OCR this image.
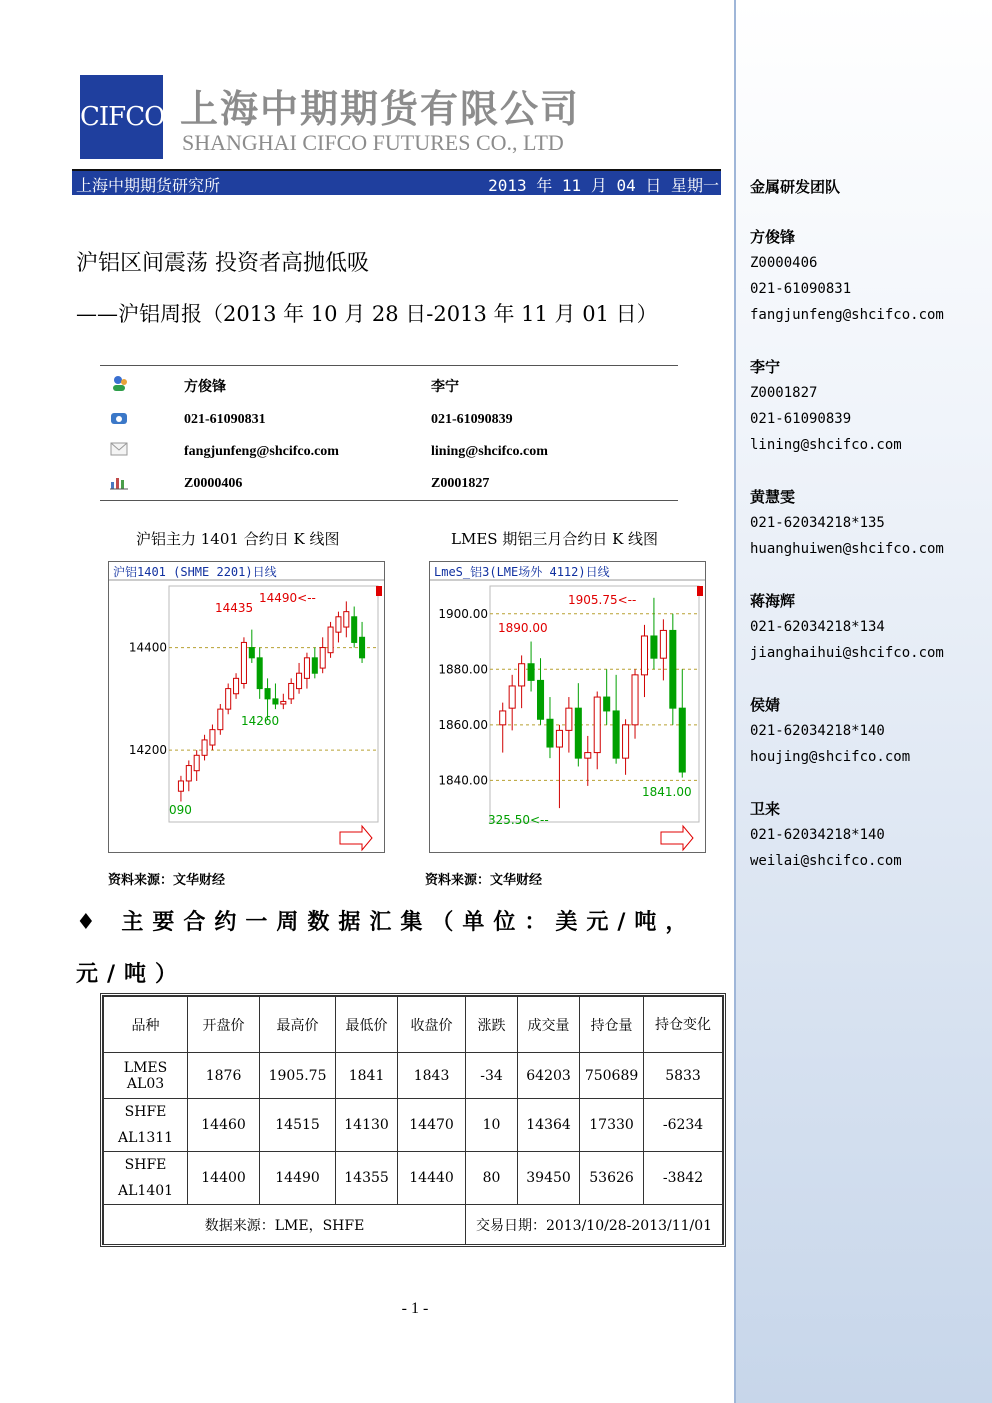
CIFCO 上海中期期货有限公司
SHANGHAI CIFCO FUTURES CO., LTD
上海中期期货研究所	2013 年 11 月 04 日 星期一
沪铝区间震荡 投资者高抛低吸
——沪铝周报（2013 年 10 月 28 日-2013 年 11 月 01 日）
方俊锋	李宁
021-61090831	021-61090839
fangjunfeng@shcifco.com	lining@shcifco.com
Z0000406	Z0001827
沪铝主力 1401 合约日 K 线图	LMES 期铝三月合约日 K 线图
沪铝1401 (SHME 2201)日线
14400
14200
14435
14490<--
14260
090
LmeS_铝3(LME场外 4112)日线
1900.00
1880.00
1860.00
1840.00
1905.75<--
1890.00
1841.00
325.50<--
资料来源：文华财经	资料来源：文华财经
♦ 主要合约一周数据汇集（单位：美元/吨，元/吨）
品种	开盘价	最高价	最低价	收盘价	涨跌	成交量	持仓量	持仓变化
LMES AL03	1876	1905.75	1841	1843	-34	64203	750689	5833
SHFE AL1311	14460	14515	14130	14470	10	14364	17330	-6234
SHFE AL1401	14400	14490	14355	14440	80	39450	53626	-3842
数据来源：LME，SHFE					交易日期：2013/10/28-2013/11/01			
- 1 -
金属研发团队
方俊锋
Z0000406
021-61090831
fangjunfeng@shcifco.com
李宁
Z0001827
021-61090839
lining@shcifco.com
黄慧雯
021-62034218*135
huanghuiwen@shcifco.com
蒋海辉
021-62034218*134
jianghaihui@shcifco.com
侯婧
021-62034218*140
houjing@shcifco.com
卫来
021-62034218*140
weilai@shcifco.com
